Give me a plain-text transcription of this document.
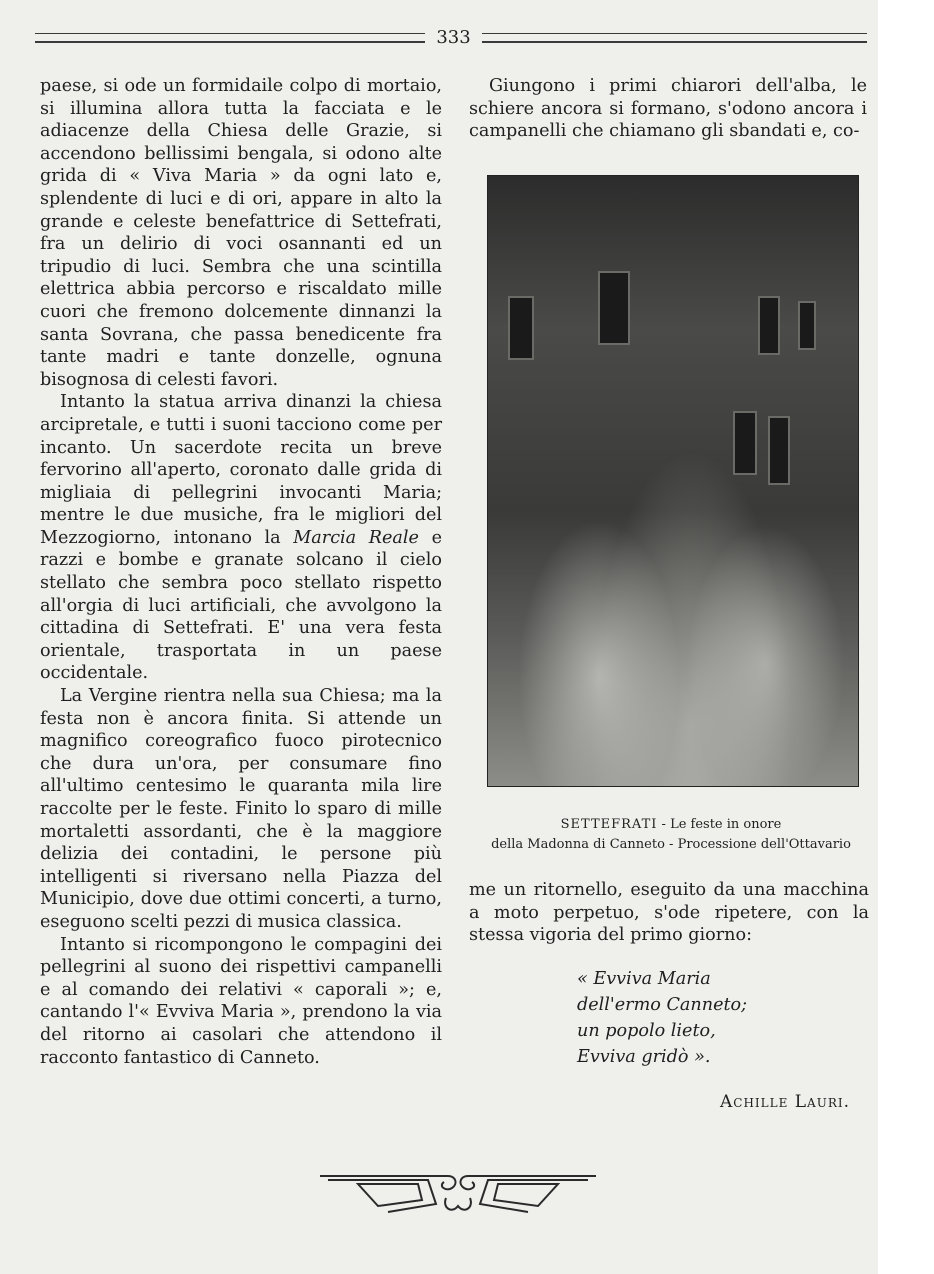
333

paese, si ode un formidaile colpo di mortaio, si illumina allora tutta la facciata e le adiacenze della Chiesa delle Grazie, si accendono bellissimi bengala, si odono alte grida di « Viva Maria » da ogni lato e, splendente di luci e di ori, appare in alto la grande e celeste benefattrice di Settefrati, fra un delirio di voci osannanti ed un tripudio di luci. Sembra che una scintilla elettrica abbia percorso e riscaldato mille cuori che fremono dolcemente dinnanzi la santa Sovrana, che passa benedicente fra tante madri e tante donzelle, ognuna bisognosa di celesti favori.

Intanto la statua arriva dinanzi la chiesa arcipretale, e tutti i suoni tacciono come per incanto. Un sacerdote recita un breve fervorino all'aperto, coronato dalle grida di migliaia di pellegrini invocanti Maria; mentre le due musiche, fra le migliori del Mezzogiorno, intonano la Marcia Reale e razzi e bombe e granate solcano il cielo stellato che sembra poco stellato rispetto all'orgia di luci artificiali, che avvolgono la cittadina di Settefrati. E' una vera festa orientale, trasportata in un paese occidentale.

La Vergine rientra nella sua Chiesa; ma la festa non è ancora finita. Si attende un magnifico coreografico fuoco pirotecnico che dura un'ora, per consumare fino all'ultimo centesimo le quaranta mila lire raccolte per le feste. Finito lo sparo di mille mortaletti assordanti, che è la maggiore delizia dei contadini, le persone più intelligenti si riversano nella Piazza del Municipio, dove due ottimi concerti, a turno, eseguono scelti pezzi di musica classica.

Intanto si ricompongono le compagini dei pellegrini al suono dei rispettivi campanelli e al comando dei relativi « caporali »; e, cantando l'« Evviva Maria », prendono la via del ritorno ai casolari che attendono il racconto fantastico di Canneto.

Giungono i primi chiarori dell'alba, le schiere ancora si formano, s'odono ancora i campanelli che chiamano gli sbandati e, co-

SETTEFRATI - Le feste in onore
della Madonna di Canneto - Processione dell'Ottavario

me un ritornello, eseguito da una macchina a moto perpetuo, s'ode ripetere, con la stessa vigoria del primo giorno:

« Evviva Maria
dell'ermo Canneto;
un popolo lieto,
Evviva gridò ».
Achille Lauri.
